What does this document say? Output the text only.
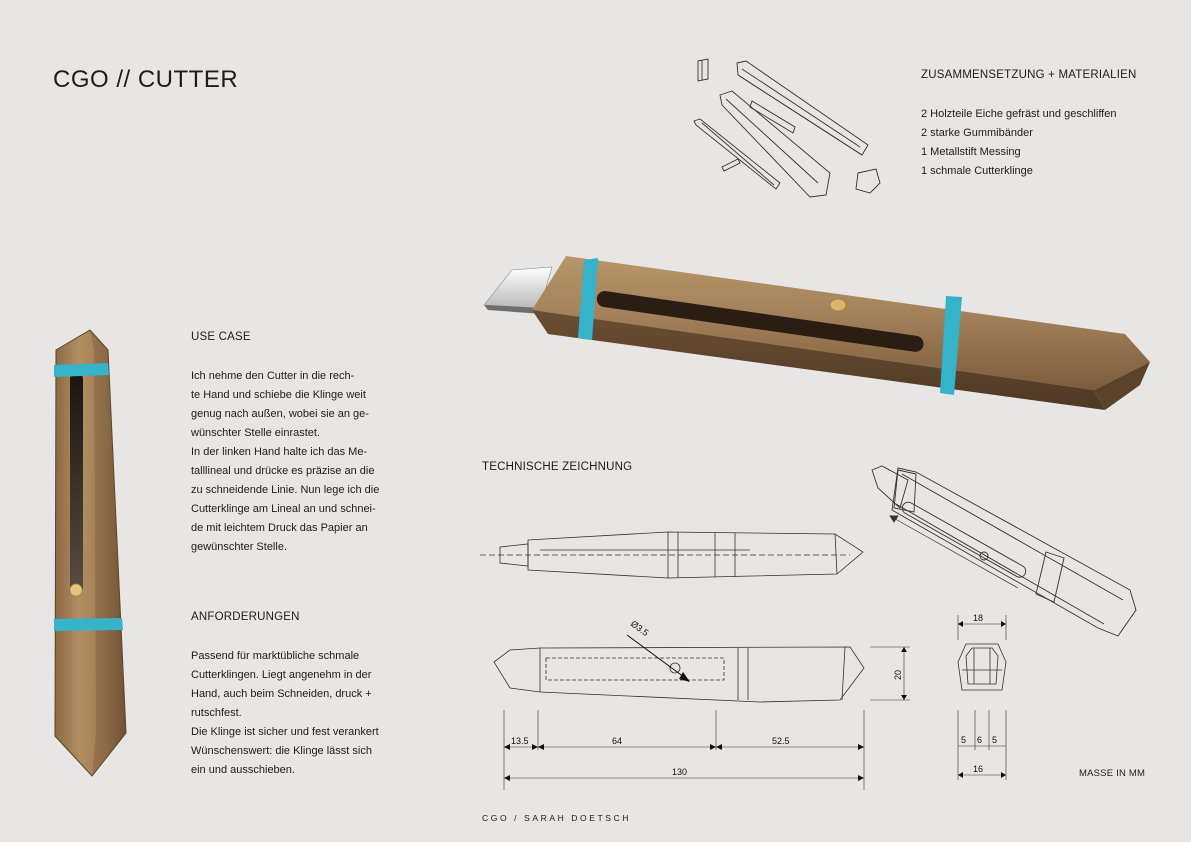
CGO // CUTTER	ZUSAMMENSETZUNG + MATERIALIEN
2 Holzteile Eiche gefräst und geschliffen
2 starke Gummibänder
1 Metallstift Messing
1 schmale Cutterklinge
USE CASE
Ich nehme den Cutter in die rech-
te Hand und schiebe die Klinge weit
genug nach außen, wobei sie an ge-
wünschter Stelle einrastet.
In der linken Hand halte ich das Me-
talllineal und drücke es präzise an die
zu schneidende Linie. Nun lege ich die
Cutterklinge am Lineal an und schnei-
de mit leichtem Druck das Papier an
gewünschter Stelle.
ANFORDERUNGEN
Passend für marktübliche schmale
Cutterklingen. Liegt angenehm in der
Hand, auch beim Schneiden, druck +
rutschfest.
Die Klinge ist sicher und fest verankert
Wünschenswert: die Klinge lässt sich
ein und ausschieben.
TECHNISCHE ZEICHNUNG
CGO / SARAH DOETSCH
MASSE IN MM
Ø3.5
20
13.5	64	52.5
130
18
5 6 5
16
